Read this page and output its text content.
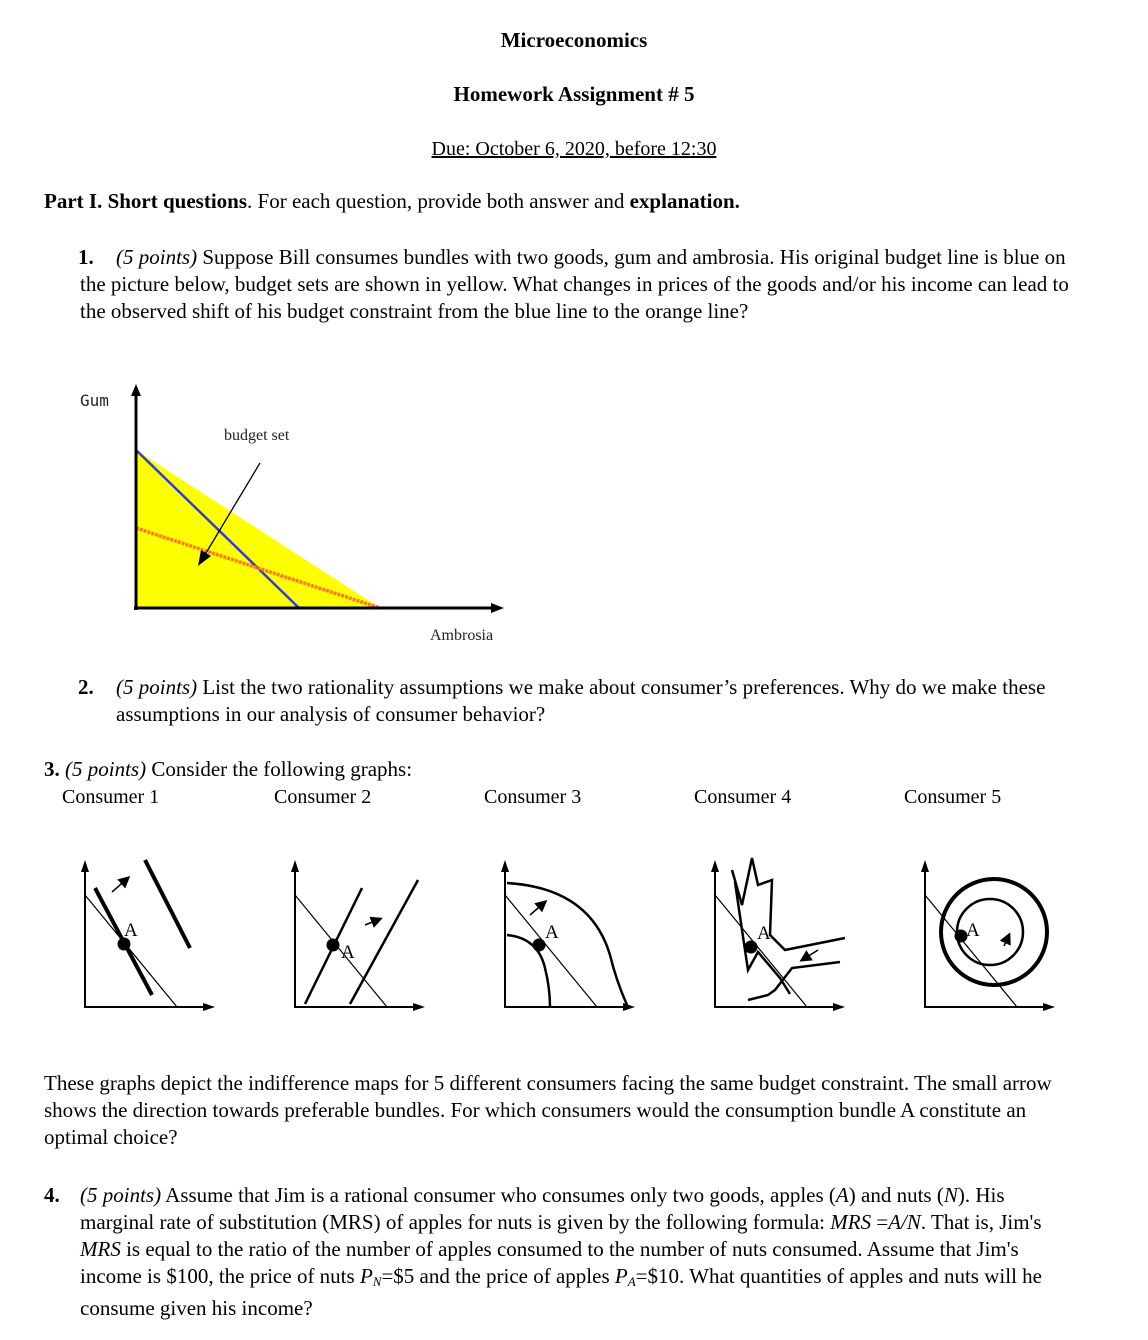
Microeconomics
Homework Assignment # 5
Due: October 6, 2020, before 12:30
Part I. Short questions. For each question, provide both answer and explanation.
1. (5 points) Suppose Bill consumes bundles with two goods, gum and ambrosia. His original budget line is blue on the picture below, budget sets are shown in yellow. What changes in prices of the goods and/or his income can lead to the observed shift of his budget constraint from the blue line to the orange line?
Gum
budget set
Ambrosia
2.	(5 points) List the two rationality assumptions we make about consumer’s preferences. Why do we make these assumptions in our analysis of consumer behavior?
3. (5 points) Consider the following graphs:
Consumer 1	Consumer 2	Consumer 3	Consumer 4	Consumer 5
A
A
A	A	A
These graphs depict the indifference maps for 5 different consumers facing the same budget constraint. The small arrow shows the direction towards preferable bundles. For which consumers would the consumption bundle A constitute an optimal choice?
4. (5 points) Assume that Jim is a rational consumer who consumes only two goods, apples (A) and nuts (N). His marginal rate of substitution (MRS) of apples for nuts is given by the following formula: MRS =A/N. That is, Jim's MRS is equal to the ratio of the number of apples consumed to the number of nuts consumed. Assume that Jim's income is $100, the price of nuts $P_N=\$5$ and the price of apples $P_A=\$10$. What quantities of apples and nuts will he consume given his income?
